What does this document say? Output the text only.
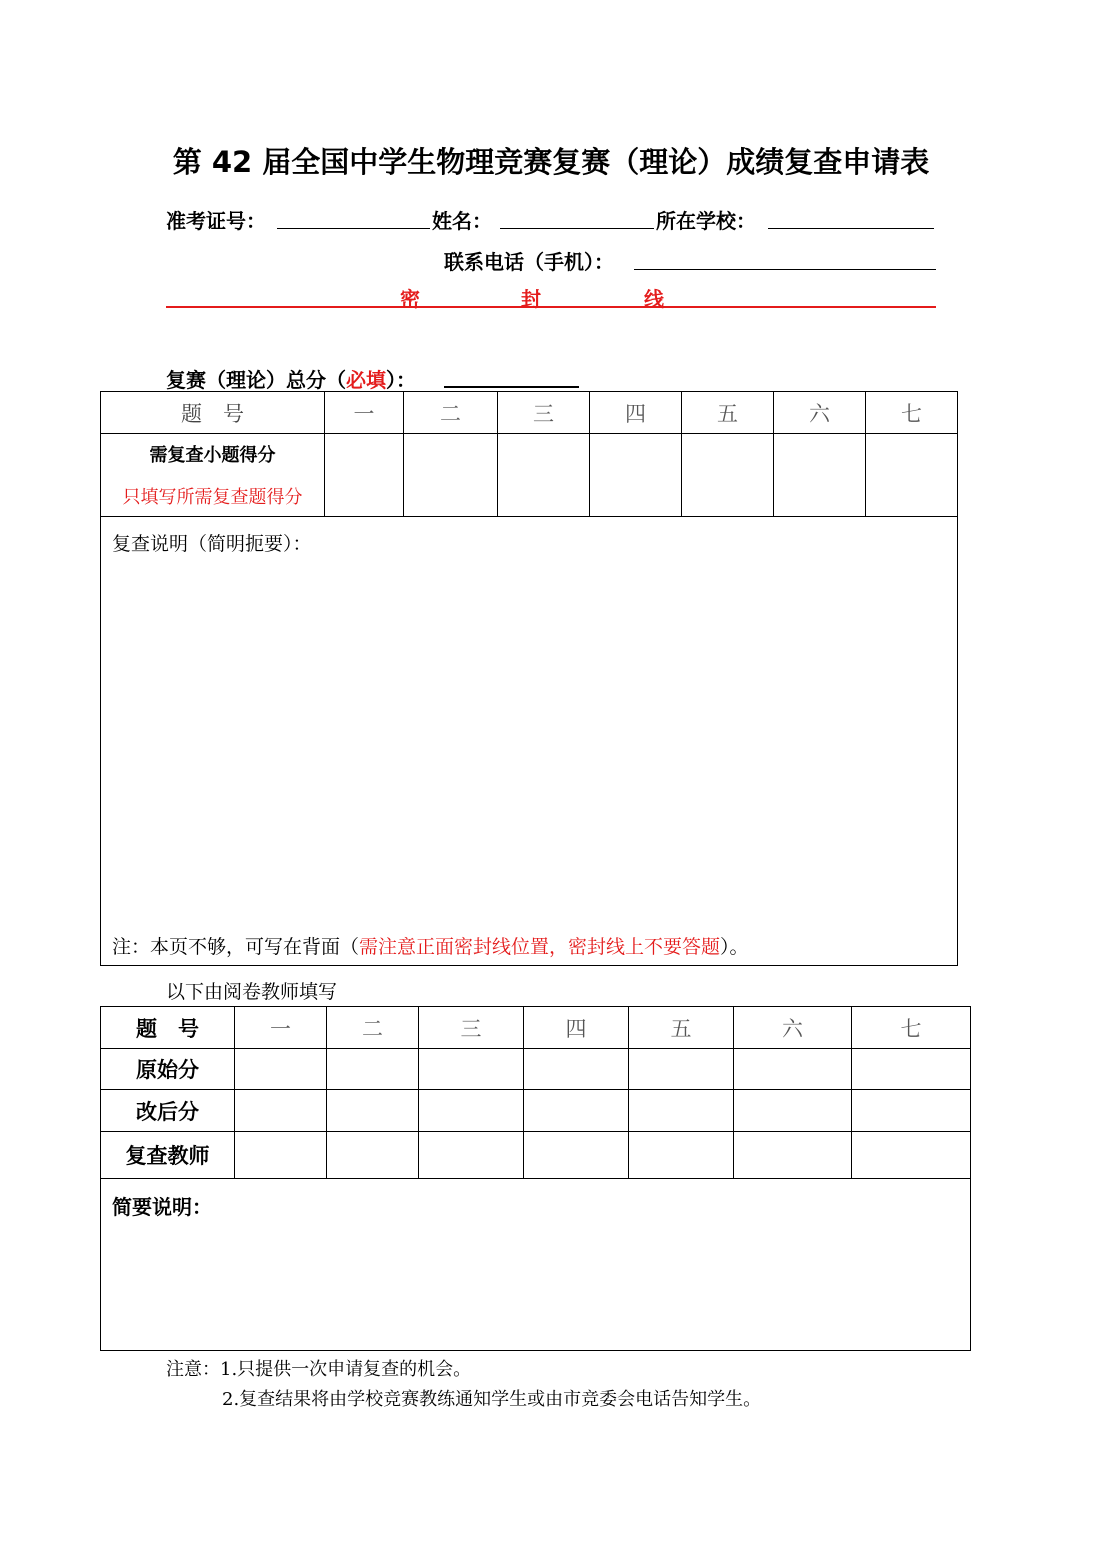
第 42 届全国中学生物理竞赛复赛（理论）成绩复查申请表
准考证号：	姓名：	所在学校：
联系电话（手机）：
密	封	线
复赛（理论）总分（必填）：
题　号	一	二	三	四	五	六	七

需复查小题得分
只填写所需复查题得分							

复查说明（简明扼要）：
注：本页不够，可写在背面（需注意正面密封线位置，密封线上不要答题）。							
以下由阅卷教师填写
题　号	一	二	三	四	五	六	七
原始分							
改后分							
复查教师							
简要说明：							
注意：1.只提供一次申请复查的机会。
2.复查结果将由学校竞赛教练通知学生或由市竞委会电话告知学生。
